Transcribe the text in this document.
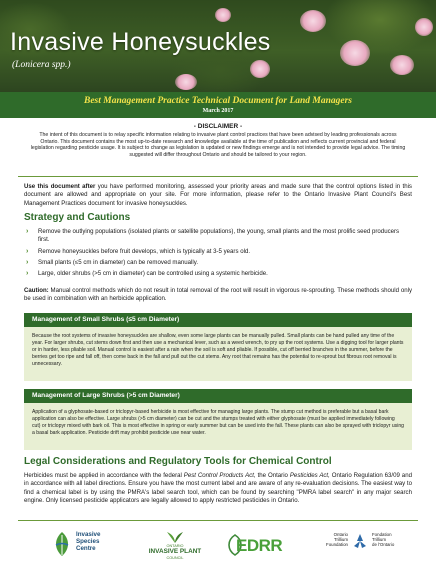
Invasive Honeysuckles
(Lonicera spp.)
Best Management Practice Technical Document for Land Managers
March 2017
- DISCLAIMER -
The intent of this document is to relay specific information relating to invasive plant control practices that have been advised by leading professionals across Ontario. This document contains the most up-to-date research and knowledge available at the time of publication and reflects current provincial and federal legislation regarding pesticide usage. It is subject to change as legislation is updated or new findings emerge and is not intended to provide legal advice. The timing suggested will differ throughout Ontario and should be tailored to your region.
Use this document after you have performed monitoring, assessed your priority areas and made sure that the control options listed in this document are allowed and appropriate on your site. For more information, please refer to the Ontario Invasive Plant Council's Best Management Practices document for invasive honeysuckles.
Strategy and Cautions
› Remove the outlying populations (isolated plants or satellite populations), the young, small plants and the most prolific seed producers first.
› Remove honeysuckles before fruit develops, which is typically at 3-5 years old.
› Small plants (≤5 cm in diameter) can be removed manually.
› Large, older shrubs (>5 cm in diameter) can be controlled using a systemic herbicide.
Caution: Manual control methods which do not result in total removal of the root will result in vigorous re-sprouting. These methods should only be used in combination with an herbicide application.
Management of Small Shrubs (≤5 cm Diameter)

Because the root systems of invasive honeysuckles are shallow, even some large plants can be manually pulled. Small plants can be hand pulled any time of the year. For larger shrubs, cut stems down first and then use a mechanical lever, such as a weed wrench, to pry up the root systems. Use a digging tool for larger plants or in harder, less pliable soil. Manual control is easiest after a rain when the soil is soft and pliable. If possible, cut off berried branches in the summer, before the berries get too ripe and fall off, then come back in the fall and pull out the cut stems. Any root that remains has the potential to re-sprout but fibrous root removal is unnecessary.

Management of Large Shrubs (>5 cm Diameter)

Application of a glyphosate-based or triclopyr-based herbicide is most effective for managing large plants. The stump cut method is preferable but a basal bark application can also be effective. Large shrubs (>5 cm diameter) can be cut and the stumps treated with either glyphosate (must be applied immediately following cut) or triclopyr mixed with bark oil. This is most effective in spring or early summer but can be used into the fall. These plants can also be sprayed with triclopyr using a basal bark application. Pesticide drift may prohibit pesticide use near water.

Legal Considerations and Regulatory Tools for Chemical Control
Herbicides must be applied in accordance with the federal Pest Control Products Act, the Ontario Pesticides Act, Ontario Regulation 63/09 and in accordance with all label directions. Ensure you have the most current label and are aware of any re-evaluation decisions. The easiest way to find a chemical label is by using the PMRA's label search tool, which can be found by searching "PMRA label search" in any major search engine. Only licensed pesticide applicators are legally allowed to apply restricted pesticides in Ontario.
Invasive
Species
Centre	ONTARIO
INVASIVE PLANT
COUNCIL
EDRR
Ontario
Trillium
Foundation
Fondation
Trillium
de l'Ontario
